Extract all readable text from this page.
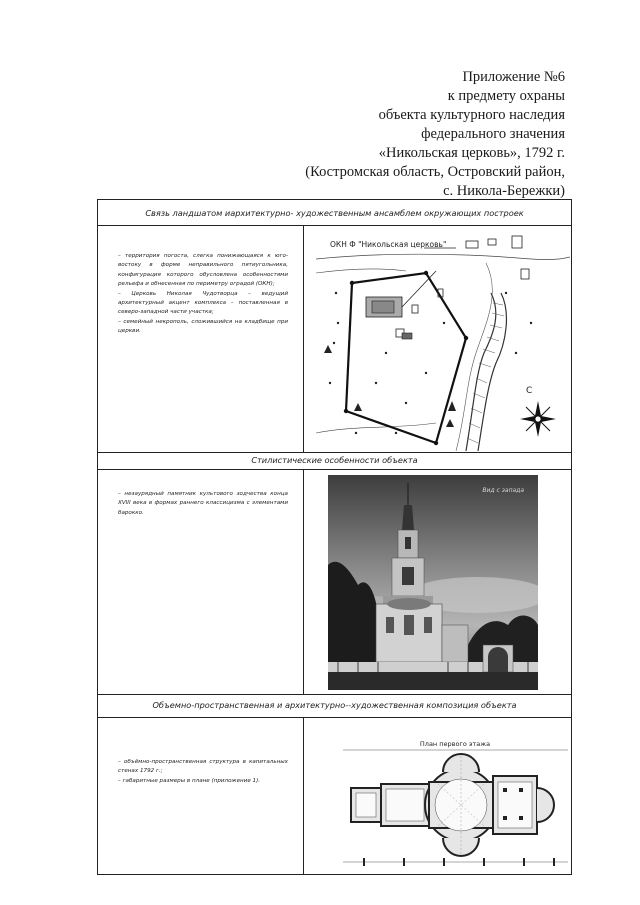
Приложение №6
к предмету охраны
объекта культурного наследия
федерального значения
«Никольская церковь», 1792 г.
(Костромская область, Островский район,
с. Никола-Бережки)
Связь ландшатом иархитектурно- художественным ансамблем окружающих построек

– территория погоста, слегка понижающаяся к юго-востоку в форме неправильного пятиугольника, конфигурация которого обусловлена особенностями рельефа и обнесенная по периметру оградой (ОКН);

– Церковь Николая Чудотворца – ведущий архитектурный акцент комплекса – поставленная в северо-западной части участка;

– семейный некрополь, сложившийся на кладбище при церкви.

ОКН Ф "Никольская церковь"
С
Стилистические особенности объекта

– незаурядный памятник культового зодчества конца XVIII века в формах раннего классицизма с элементами барокко.

Вид с запада
Объемно-пространственная и архитектурно--художественная композиция объекта

– объёмно-пространственная структура в капитальных стенах 1792 г.;

– габаритные размеры в плане (приложение 1).

План первого этажа
